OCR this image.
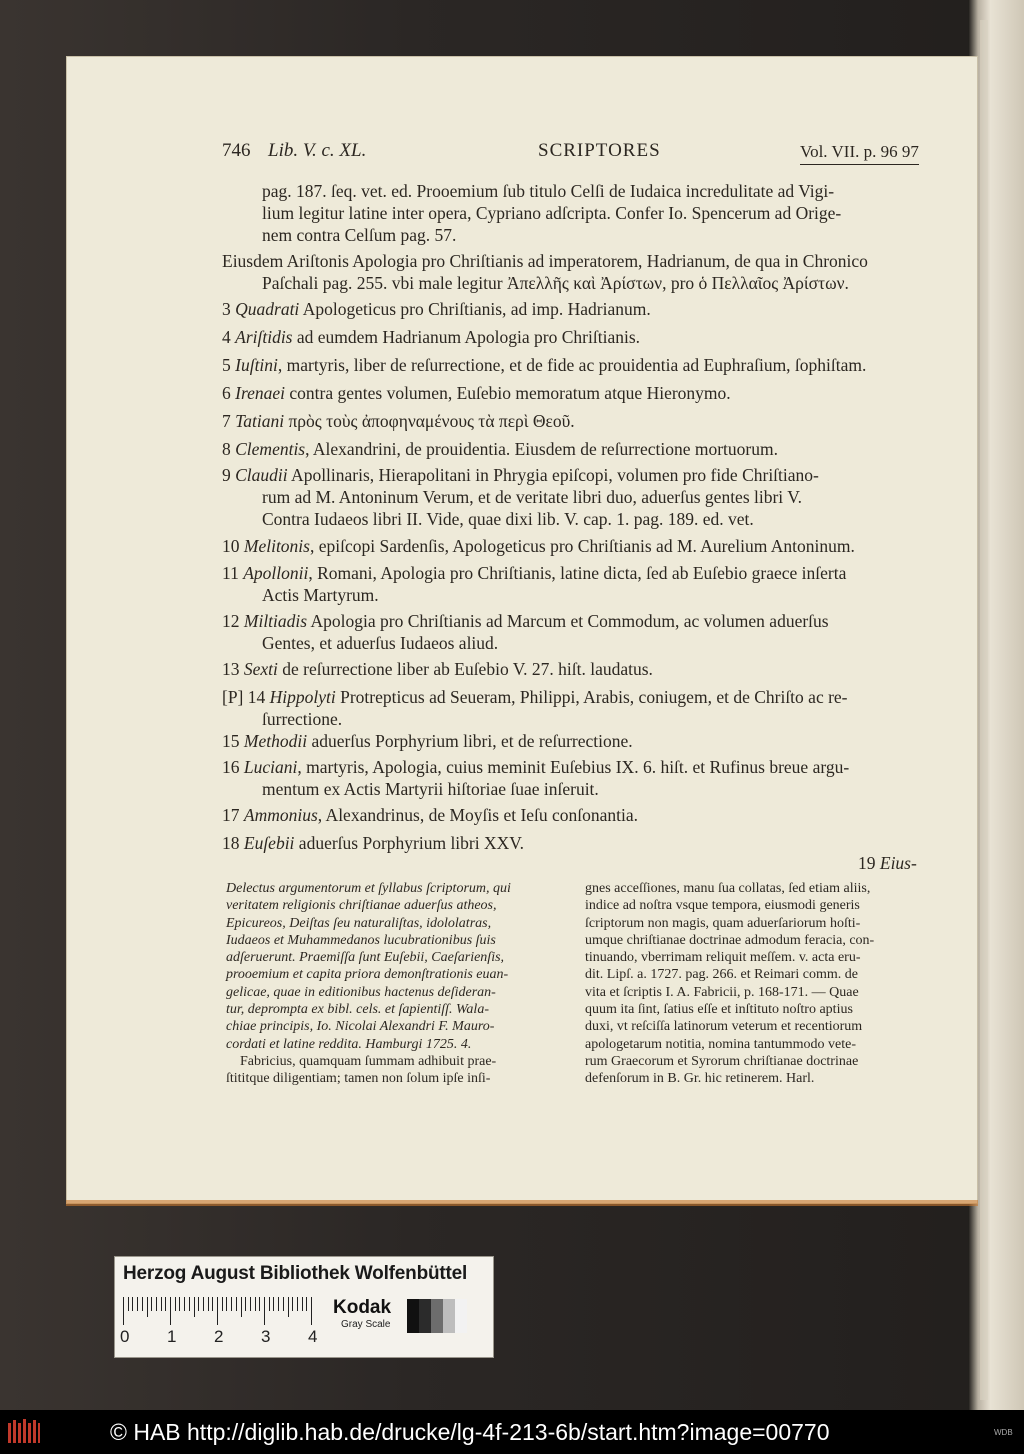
746 Lib. V. c. XL.	SCRIPTORES	Vol. VII. p. 96 97
pag. 187. ſeq. vet. ed. Prooemium ſub titulo Celſi de Iudaica incredulitate ad Vigi-
lium legitur latine inter opera, Cypriano adſcripta. Confer Io. Spencerum ad Orige-
nem contra Celſum pag. 57.
Eiusdem Ariſtonis Apologia pro Chriſtianis ad imperatorem, Hadrianum, de qua in Chronico
Paſchali pag. 255. vbi male legitur Ἀπελλῆς καὶ Ἀρίστων, pro ὁ Πελλαῖος Ἀρίστων.
3 Quadrati Apologeticus pro Chriſtianis, ad imp. Hadrianum.
4 Ariſtidis ad eumdem Hadrianum Apologia pro Chriſtianis.
5 Iuſtini, martyris, liber de reſurrectione, et de fide ac prouidentia ad Euphraſium, ſophiſtam.
6 Irenaei contra gentes volumen, Euſebio memoratum atque Hieronymo.
7 Tatiani πρὸς τοὺς ἀποφηναμένους τὰ περὶ Θεοῦ.
8 Clementis, Alexandrini, de prouidentia. Eiusdem de reſurrectione mortuorum.
9 Claudii Apollinaris, Hierapolitani in Phrygia epiſcopi, volumen pro fide Chriſtiano-
rum ad M. Antoninum Verum, et de veritate libri duo, aduerſus gentes libri V.
Contra Iudaeos libri II. Vide, quae dixi lib. V. cap. 1. pag. 189. ed. vet.
10 Melitonis, epiſcopi Sardenſis, Apologeticus pro Chriſtianis ad M. Aurelium Antoninum.
11 Apollonii, Romani, Apologia pro Chriſtianis, latine dicta, ſed ab Euſebio graece inſerta
Actis Martyrum.
12 Miltiadis Apologia pro Chriſtianis ad Marcum et Commodum, ac volumen aduerſus
Gentes, et aduerſus Iudaeos aliud.
13 Sexti de reſurrectione liber ab Euſebio V. 27. hiſt. laudatus.
[P] 14 Hippolyti Protrepticus ad Seueram, Philippi, Arabis, coniugem, et de Chriſto ac re-
ſurrectione.
15 Methodii aduerſus Porphyrium libri, et de reſurrectione.
16 Luciani, martyris, Apologia, cuius meminit Euſebius IX. 6. hiſt. et Rufinus breue argu-
mentum ex Actis Martyrii hiſtoriae ſuae inſeruit.
17 Ammonius, Alexandrinus, de Moyſis et Ieſu conſonantia.
18 Euſebii aduerſus Porphyrium libri XXV.
19 Eius-
Delectus argumentorum et ſyllabus ſcriptorum, qui
veritatem religionis chriſtianae aduerſus atheos,
Epicureos, Deiſtas ſeu naturaliſtas, idololatras,
Iudaeos et Muhammedanos lucubrationibus ſuis
adſeruerunt. Praemiſſa ſunt Euſebii, Caeſarienſis,
prooemium et capita priora demonſtrationis euan-
gelicae, quae in editionibus hactenus deſideran-
tur, deprompta ex bibl. cels. et ſapientiſſ. Wala-
chiae principis, Io. Nicolai Alexandri F. Mauro-
cordati et latine reddita. Hamburgi 1725. 4.
Fabricius, quamquam ſummam adhibuit prae-
ſtititque diligentiam; tamen non ſolum ipſe inſi-
gnes acceſſiones, manu ſua collatas, ſed etiam aliis,
indice ad noſtra vsque tempora, eiusmodi generis
ſcriptorum non magis, quam aduerſariorum hoſti-
umque chriſtianae doctrinae admodum feracia, con-
tinuando, vberrimam reliquit meſſem. v. acta eru-
dit. Lipſ. a. 1727. pag. 266. et Reimari comm. de
vita et ſcriptis I. A. Fabricii, p. 168-171. — Quae
quum ita ſint, ſatius eſſe et inſtituto noſtro aptius
duxi, vt reſciſſa latinorum veterum et recentiorum
apologetarum notitia, nomina tantummodo vete-
rum Graecorum et Syrorum chriſtianae doctrinae
defenſorum in B. Gr. hic retinerem. Harl.
Herzog August Bibliothek Wolfenbüttel
0 1 2 3 4
Kodak
Gray Scale
© HAB http://diglib.hab.de/drucke/lg-4f-213-6b/start.htm?image=00770	WDB
